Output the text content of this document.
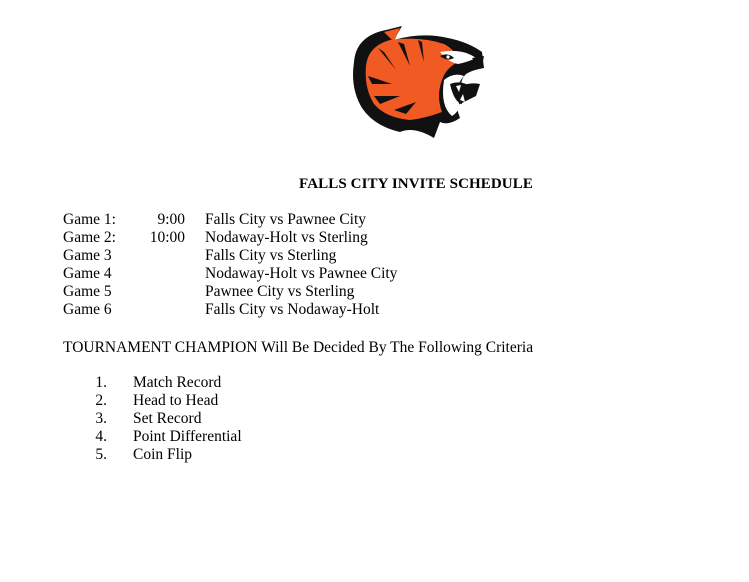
FALLS CITY INVITE SCHEDULE
Game 1:	9:00 Falls City vs Pawnee City
Game 2:	10:00 Nodaway-Holt vs Sterling
Game 3	Falls City vs Sterling
Game 4	Nodaway-Holt vs Pawnee City
Game 5	Pawnee City vs Sterling
Game 6	Falls City vs Nodaway-Holt
TOURNAMENT CHAMPION Will Be Decided By The Following Criteria
1. Match Record
2. Head to Head
3. Set Record
4. Point Differential
5. Coin Flip
